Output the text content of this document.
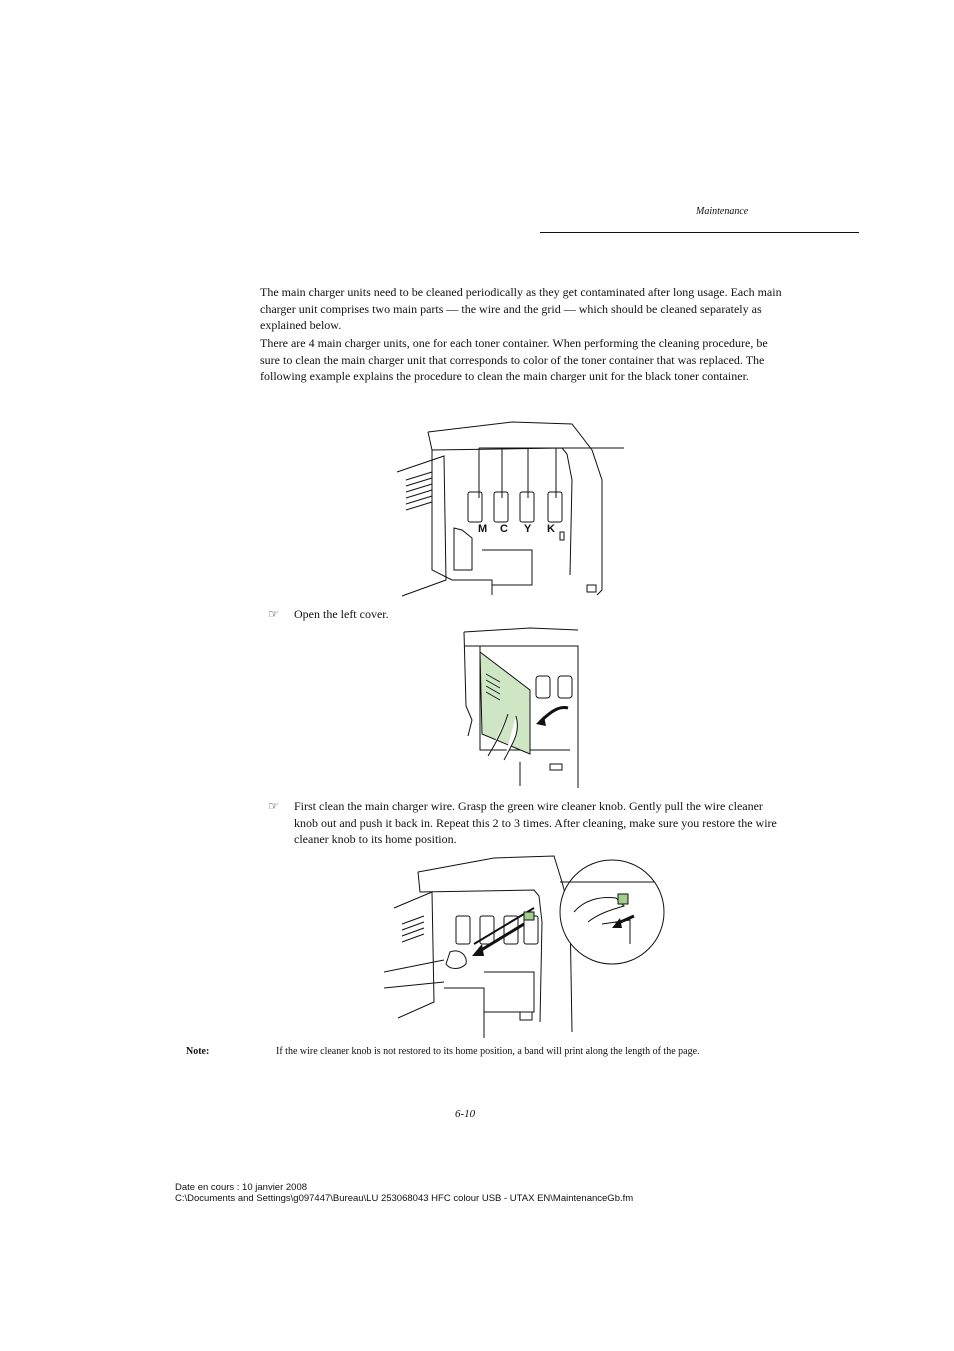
Maintenance
The main charger units need to be cleaned periodically as they get contaminated after long usage. Each main charger unit comprises two main parts — the wire and the grid — which should be cleaned separately as explained below.
There are 4 main charger units, one for each toner container. When performing the cleaning procedure, be sure to clean the main charger unit that corresponds to color of the toner container that was replaced. The following example explains the procedure to clean the main charger unit for the black toner container.
M C Y K
☞	Open the left cover.
☞	First clean the main charger wire. Grasp the green wire cleaner knob. Gently pull the wire cleaner knob out and push it back in. Repeat this 2 to 3 times. After cleaning, make sure you restore the wire cleaner knob to its home position.
Note:	If the wire cleaner knob is not restored to its home position, a band will print along the length of the page.
6-10
Date en cours : 10 janvier 2008
C:\Documents and Settings\g097447\Bureau\LU 253068043 HFC colour USB - UTAX EN\MaintenanceGb.fm
